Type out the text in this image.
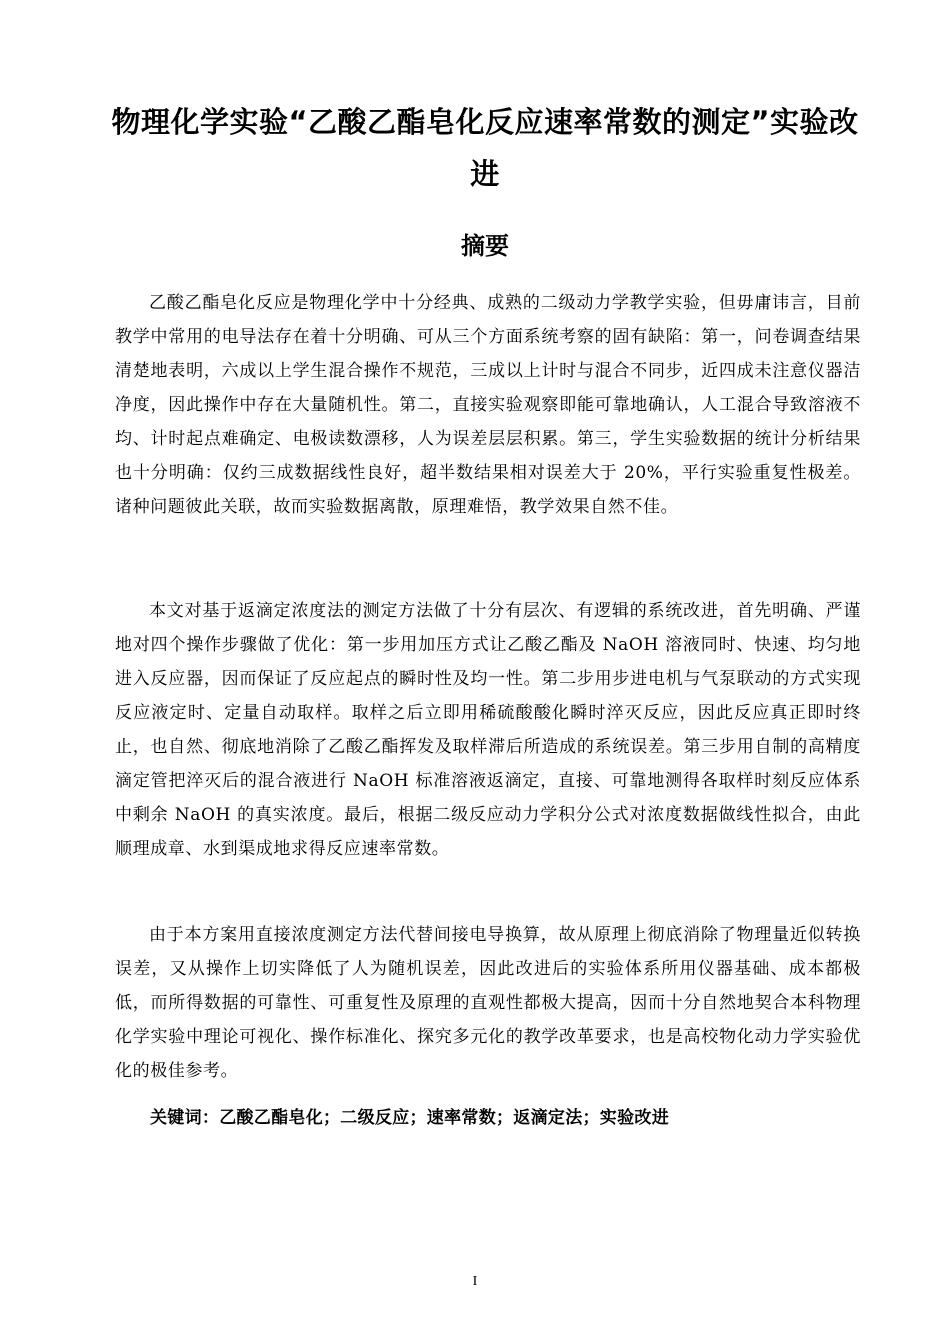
物理化学实验“乙酸乙酯皂化反应速率常数的测定”实验改进
摘要

乙酸乙酯皂化反应是物理化学中十分经典、成熟的二级动力学教学实验，但毋庸讳言，目前教学中常用的电导法存在着十分明确、可从三个方面系统考察的固有缺陷：第一，问卷调查结果清楚地表明，六成以上学生混合操作不规范，三成以上计时与混合不同步，近四成未注意仪器洁净度，因此操作中存在大量随机性。第二，直接实验观察即能可靠地确认，人工混合导致溶液不均、计时起点难确定、电极读数漂移，人为误差层层积累。第三，学生实验数据的统计分析结果也十分明确：仅约三成数据线性良好，超半数结果相对误差大于 20%，平行实验重复性极差。诸种问题彼此关联，故而实验数据离散，原理难悟，教学效果自然不佳。

本文对基于返滴定浓度法的测定方法做了十分有层次、有逻辑的系统改进，首先明确、严谨地对四个操作步骤做了优化：第一步用加压方式让乙酸乙酯及 NaOH 溶液同时、快速、均匀地进入反应器，因而保证了反应起点的瞬时性及均一性。第二步用步进电机与气泵联动的方式实现反应液定时、定量自动取样。取样之后立即用稀硫酸酸化瞬时淬灭反应，因此反应真正即时终止，也自然、彻底地消除了乙酸乙酯挥发及取样滞后所造成的系统误差。第三步用自制的高精度滴定管把淬灭后的混合液进行 NaOH 标准溶液返滴定，直接、可靠地测得各取样时刻反应体系中剩余 NaOH 的真实浓度。最后，根据二级反应动力学积分公式对浓度数据做线性拟合，由此顺理成章、水到渠成地求得反应速率常数。

由于本方案用直接浓度测定方法代替间接电导换算，故从原理上彻底消除了物理量近似转换误差，又从操作上切实降低了人为随机误差，因此改进后的实验体系所用仪器基础、成本都极低，而所得数据的可靠性、可重复性及原理的直观性都极大提高，因而十分自然地契合本科物理化学实验中理论可视化、操作标准化、探究多元化的教学改革要求，也是高校物化动力学实验优化的极佳参考。

关键词：乙酸乙酯皂化；二级反应；速率常数；返滴定法；实验改进

I
